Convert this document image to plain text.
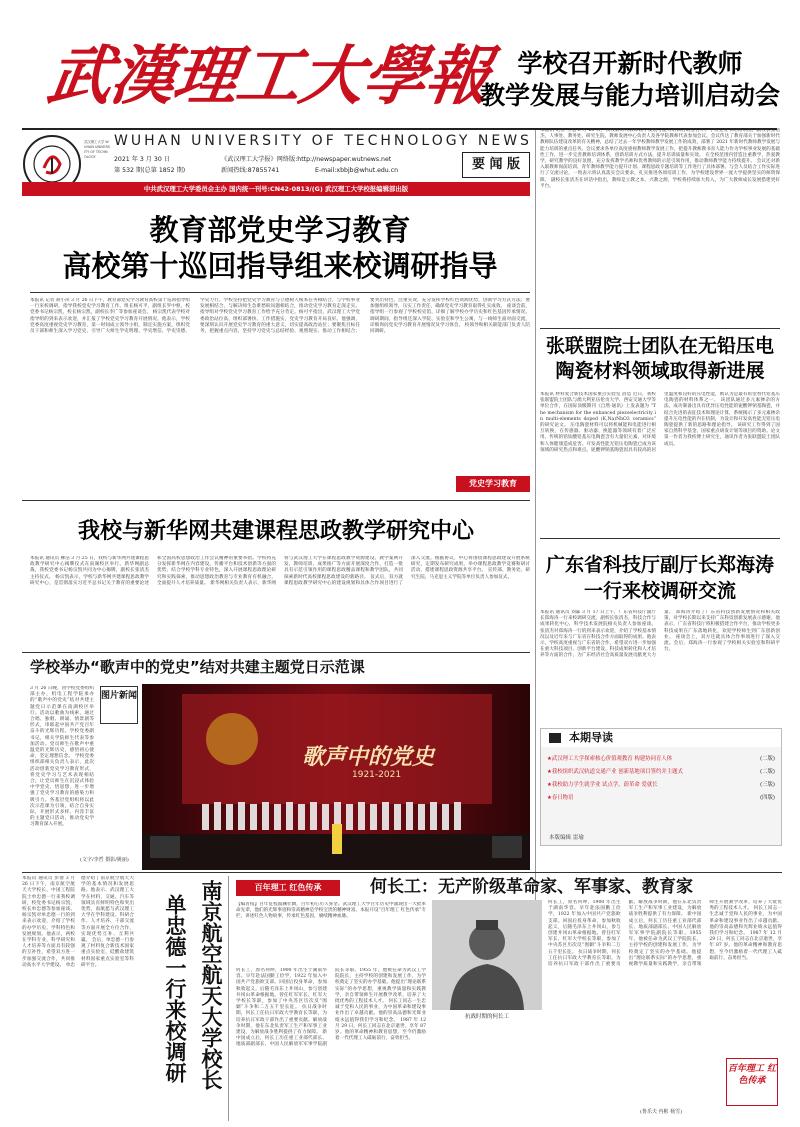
武漢理工大學報 学校召开新时代教师
教学发展与能力培训启动会
武汉理工大学 WUHAN UNIVERSITY OF TECHNOLOGY
WUHAN UNIVERSITY OF TECHNOLOGY NEWS
2021 年 3 月 30 日	《武汉理工大学报》网络版:http://newspaper.wutnews.net
第 532 期(总第 1852 期)	新闻热线:87855741	E-mail:xbbjb@whut.edu.cn	要 闻 版
中共武汉理工大学委员会主办 国内统一刊号:CN42-0813/(G) 武汉理工大学校报编辑部出版
本报讯 记者 王旭 3 月 25 日，我校新时代教师教学发展与能力培训启动会召开。学校党委书记杨宗凯，副校长张清杰，人事处、教务处、研究生院、教师发展中心负责人及各学院教师代表参加会议。会议传达了教育部关于加强新时代教师队伍建设改革的有关精神，总结了过去一年学校教师教学发展工作的成效，部署了 2021 年新时代教师教学发展与能力培训的重点任务。会议要求各单位高度重视教师教学发展工作，把提升教师教书育人能力作为学校事业发展的基础性工作，进一步完善教师培训体系，创新培训方式方法，提升培训质量和实效。 在全校范围内营造注重教学、热爱教学、研究教学的良好氛围，充分发挥教学名师和优秀教师的示范引领作用，推动教师教学能力持续提升。 会议还对新入职教师岗前培训、青年教师教学能力提升计划、课程思政专题培训等工作进行了具体部署。与会人员结合工作实际进行了交流讨论，一致表示将认真落实会议要求，扎实推进各项培训工作，为学校建设世界一流大学提供坚实的师资保障。 副校长张清杰在讲话中指出，教师是立教之本、兴教之源，学校将持续加大投入，为广大教师成长发展搭建更好平台。
教育部党史学习教育
高校第十巡回指导组来校调研指导
本报讯 记者 胡小萍 3 月 26 日下午，教育部党史学习教育高校第十巡回指导组一行来校调研，指导我校党史学习教育工作。组长杨可平，副组长罗中枢，校党委书记杨宗凯，校长杨宗凯，副校长李广等参加座谈会。 杨宗凯代表学校对指导组的到来表示欢迎，并汇报了学校党史学习教育开展情况。他表示，学校党委高度重视党史学习教育，第一时间成立领导小组，制定实施方案，组织党员干部和师生深入学习党史，引导广大师生学史明理、学史增信、学史崇德、学史力行。学校坚持把党史学习教育与立德树人根本任务相结合，与学校事业发展相结合，与解决师生急难愁盼问题相结合，推动党史学习教育走深走实。 指导组对学校党史学习教育工作给予充分肯定。杨可平指出，武汉理工大学党委政治站位高、组织部署快、工作措施实，党史学习教育开局良好。他强调，要深刻认识开展党史学习教育的重大意义，切实提高政治站位；要聚焦目标任务，把握重点内容，坚持学习党史与总结经验、观照现实、推动工作相结合；要突出特色、注重实效，充分发挥学校红色资源优势，创新学习方式方法；要加强组织领导，压实工作责任，确保党史学习教育取得扎实成效。 座谈会前，指导组一行参观了学校校史馆，详细了解学校办学历史和红色基因传承情况。调研期间，指导组还深入学院、实验室和学生公寓，与一线师生面对面交流，详细询问党史学习教育开展情况及学习体会。 校领导和相关职能部门负责人陪同调研。
党史学习教育
张联盟院士团队在无铅压电
陶瓷材料领域取得新进展
本报讯 材料复合新技术国家重点实验室 消息 近日，我校张联盟院士团队与澳大利亚伍伦贡大学、西安交通大学等单位合作，在国际顶级期刊《自然·通讯》上发表题为 “The mechanism for the enhanced piezoelectricity in multi-elements doped (K,Na)NbO3 ceramics” 的研究论文。 压电陶瓷材料可以将机械能和电能进行相互转换，在传感器、驱动器、换能器等领域有着广泛应用。传统的锆钛酸铅基压电陶瓷含有大量铅元素，对环境和人体健康造成危害。开发高性能无铅压电陶瓷已成为该领域的研究热点和难点。铌酸钾钠基陶瓷因具有较高的居里温度和良好的压电性能，被认为是最有希望替代铅基压电陶瓷的材料体系之一。 该团队通过多元素掺杂的方法，成功制备出具有优异压电性能的铌酸钾钠基陶瓷，并结合先进的表征技术和理论计算，系统揭示了多元素掺杂提升压电性能的内在机制，为设计和开发高性能无铅压电陶瓷提供了新的思路和理论指导。 该研究工作得到了国家自然科学基金、国家重点研发计划等项目的资助。论文第一作者为我校博士研究生，通讯作者为张联盟院士团队成员。
我校与新华网共建课程思政教学研究中心
本报讯 通讯员 柳洁 3 月 25 日，我校与新华网共建课程思政教学研究中心揭牌仪式在南湖校区举行。新华网副总裁，我校党委书记杨宗凯共同为中心揭牌，副校长张清杰主持仪式。 杨宗凯表示，学校与新华网共建课程思政教学研究中心，是贯彻落实习近平总书记关于教育的重要论述和全国高校思想政治工作会议精神的重要举措。学校将充分发挥新华网在内容建设、传播平台和技术创新等方面的优势，结合学校学科专业特色，深入开展课程思政理论研究和实践探索，推动思想政治教育与专业教育有机融合，全面提升人才培养质量。 新华网相关负责人表示，新华网将与武汉理工大学在课程思政教学资源建设、教学案例开发、教师培训、成果推广等方面开展深度合作，打造一批具有示范引领作用的课程思政精品课程和教学团队，共同探索新时代高校课程思政建设的新路径。 仪式后，双方就课程思政教学研究中心的建设规划和具体合作项目进行了深入交流。根据协议，中心将围绕课程思政建设开展系统研究，定期发布研究成果，举办课程思政教学竞赛和研讨活动，搭建课程思政资源共享平台。 宣传部、教务处、研究生院、马克思主义学院等单位负责人参加仪式。
广东省科技厅副厅长郑海涛
一行来校调研交流
本报讯 通讯员 刘霖 3 月 17 日上午，广东省科技厅副厅长郑海涛一行来校调研交流，副校长张清杰，科技合作与成果转化中心，科学技术发展院相关负责人参加座谈。 张清杰对郑海涛一行的到来表示欢迎，介绍了学校基本情况以及近年来与广东省在科技合作方面取得的成果。他表示，学校高度重视与广东省的合作，希望双方进一步加强在重大科技项目、创新平台建设、科技成果转化和人才培养等方面的合作，为广东经济社会高质量发展贡献更大力量。 郑海涛介绍了广东省科技创新发展情况和相关政策，对学校长期以来支持广东科技创新发展表示感谢。他表示，广东省科技厅将积极搭建合作平台，推动学校更多科技成果在广东落地转化，欢迎学校师生到广东创新创业。 座谈会上，双方还就具体合作事项进行了深入交流。会后，郑海涛一行参观了学校相关实验室和科研平台。
本期导读
★武汉理工大学探索核心价值观教育 构建协同育人体	(二版)
★我校组织武汉轨道交通产业 创新基地项目签约并主题式	(二版)
★我校助力学生就学业 试点学，蔚革命 爱就长	(三版)
★春日物语	(四版)
本版编辑 雷瑜
学校举办“歌声中的党史”结对共建主题党日示范课
图片新闻
3 月 26 日晚，由学校党委组织部主办，机电工程学院承办的“歌声中的党史”结对共建主题党日示范课在南湖校区举行。活动以歌曲为线索，通过合唱、独唱、朗诵、情景剧等形式，串联起中国共产党百年奋斗的光辉历程。学校党委副书记，相关学院师生代表等参加活动。党员师生在歌声中重温党的光辉历史，感悟初心使命，坚定理想信念。 学校党委组织部相关负责人表示，此次活动创新党史学习教育形式，将党史学习与艺术表现相结合，让党员师生在沉浸式体验中学党史、悟思想，进一步增强了党史学习教育的感染力和吸引力。各基层党组织将以此次示范课为引领，结合自身实际，开展形式多样、内容丰富的主题党日活动，推动党史学习教育深入开展。
(文字/李哲 摄影/姚丽)
歌声中的党史
1921-2021
本报讯 通讯员 彭倩 3 月 26 日下午，南京航空航天大学校长、中国工程院院士单忠德一行来我校调研，校党委书记杨宗凯，校长单忠德等参加座谈。 杨宗凯对单忠德一行的到来表示欢迎，介绍了学校的办学历史、学科特色和发展规划。他表示，两校在学科专业、科学研究和人才培养等方面具有较强的互补性，希望双方进一步加强交流合作，共同推动高水平大学建设。 单忠德介绍了南京航空航天大学的基本情况和发展思路。他表示，武汉理工大学在材料、交通、汽车等领域具有鲜明特色和突出优势，南航愿与武汉理工大学在学科建设、科研合作、人才培养、干部交流等方面开展全方位合作，实现优势互补、互利共赢。 会后，单忠德一行参观了材料复合新技术国家重点实验室、硅酸盐建筑材料国家重点实验室等科研平台。	南京航空航天大学校长
单忠德一行来校调研
百年理工 红色传承	何长工：无产阶级革命家、军事家、教育家
【编者按】百年征程波澜壮阔，百年初心历久弥坚。武汉理工大学百年历史中涌现出一大批革命先辈，他们的光辉事迹和崇高精神是学校宝贵的精神财富。本报开设“百年理工 红色传承”专栏，讲述红色人物故事，传承红色基因，赓续精神血脉。
抗战时期的何长工
何长工，原名何坤，1900 年出生于湖南华容。早年赴法国勤工俭学，1922 年加入中国共产党旅欧支部。回国后投身革命，参加秋收起义，后随毛泽东上井冈山，参与创建井冈山革命根据地。曾任红军军长、红军大学校长等职，参加了中央苏区历次反“围剿”斗争和二万五千里长征。 抗日战争时期，何长工任抗日军政大学教育长等职，为培养抗日军政干部作出了重要贡献。解放战争时期，他在东北负责军工生产和军事工业建设，为解放战争胜利提供了有力保障。 新中国成立后，何长工历任重工业部代部长、地质部副部长、中国人民解放军军事学院副院长等职。1955 年，他被任命为武汉工学院院长，主持学校的创建和发展工作，为学校奠定了坚实的办学基础。他提出“理论联系实际”的办学思想，重视教学质量和实践教学，亲自带领师生开展教学改革，培养了大批优秀的工程技术人才。 何长工同志一生忠诚于党和人民的事业，为中国革命和建设事业作出了卓越贡献。他的崇高品德和光辉业绩永远值得我们学习和纪念。 1987 年 12 月 29 日，何长工同志在北京逝世，享年 87 岁。他的革命精神和教育思想，至今仍激励着一代代理工人砥砺前行、奋勇担当。
何长工，原名何坤，1900 年出生于湖南华容。早年赴法国勤工俭学，1922 年加入中国共产党旅欧支部。回国后投身革命，参加秋收起义，后随毛泽东上井冈山，参与创建井冈山革命根据地。曾任红军军长、红军大学校长等职，参加了中央苏区历次反“围剿”斗争和二万五千里长征。 抗日战争时期，何长工任抗日军政大学教育长等职，为培养抗日军政干部作出了重要贡献。解放战争时期，他在东北负责军工生产和军事工业建设，为解放战争胜利提供了有力保障。 新中国成立后，何长工历任重工业部代部长、地质部副部长、中国人民解放军军事学院副院长等职。1955 年，他被任命为武汉工学院院长，主持学校的创建和发展工作，为学校奠定了坚实的办学基础。他提出“理论联系实际”的办学思想，重视教学质量和实践教学，亲自带领师生开展教学改革，培养了大批优秀的工程技术人才。 何长工同志一生忠诚于党和人民的事业，为中国革命和建设事业作出了卓越贡献。他的崇高品德和光辉业绩永远值得我们学习和纪念。 1987 年 12 月 29 日，何长工同志在北京逝世，享年 87 岁。他的革命精神和教育思想，至今仍激励着一代代理工人砥砺前行、奋勇担当。
(鲁乐夫 冉彬 杨雪)
百年理工 红色传承
